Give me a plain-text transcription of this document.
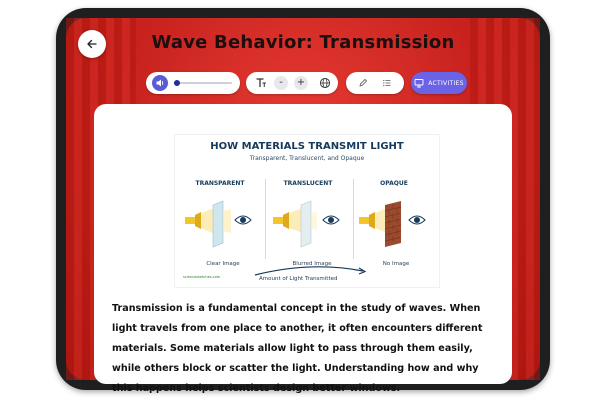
Wave Behavior: Transmission
-	+	ACTIVITIES
HOW MATERIALS TRANSMIT LIGHT
Transparent, Translucent, and Opaque
TRANSPARENT	TRANSLUCENT	OPAQUE
Clear Image	Blurred Image	No Image
sciencesketches.com	Amount of Light Transmitted
Transmission is a fundamental concept in the study of waves. When light travels from one place to another, it often encounters different materials. Some materials allow light to pass through them easily, while others block or scatter the light. Understanding how and why this happens helps scientists design better windows.
